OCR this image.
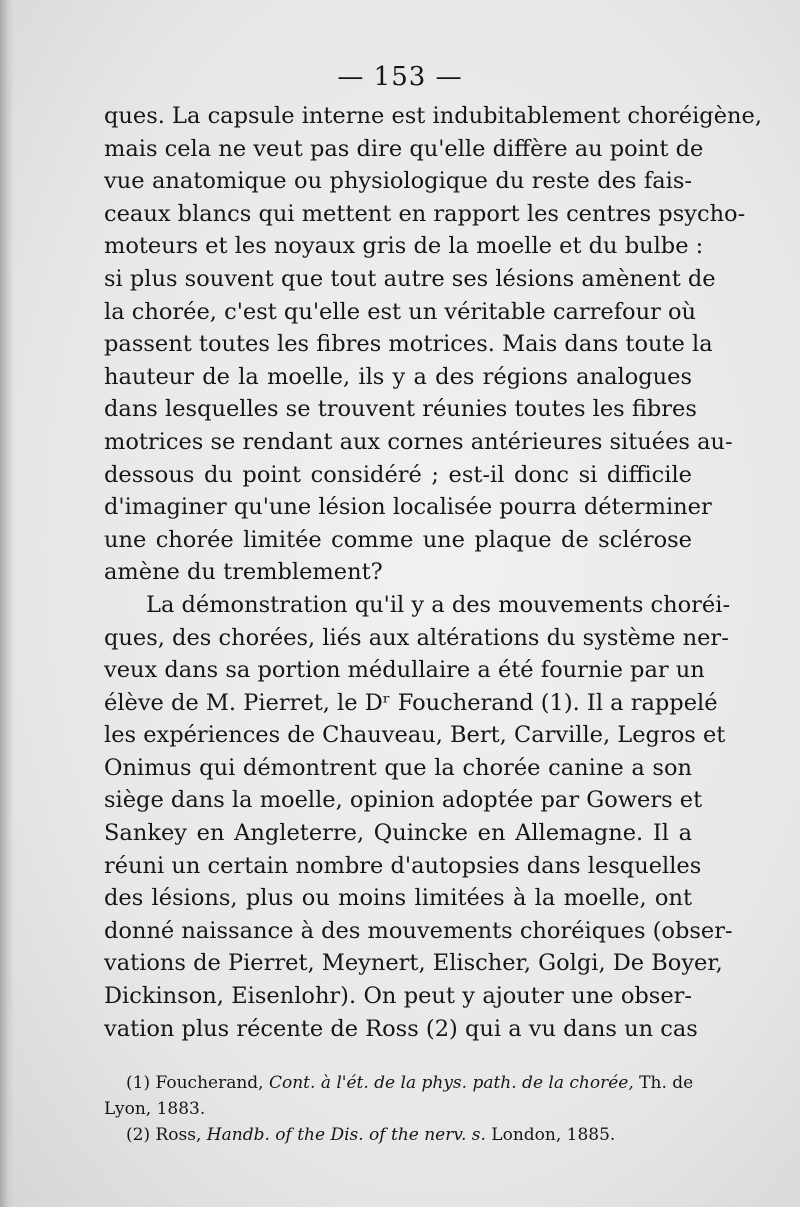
— 153 —
ques. La capsule interne est indubitablement choréigène,
mais cela ne veut pas dire qu'elle diffère au point de
vue anatomique ou physiologique du reste des fais-
ceaux blancs qui mettent en rapport les centres psycho-
moteurs et les noyaux gris de la moelle et du bulbe :
si plus souvent que tout autre ses lésions amènent de
la chorée, c'est qu'elle est un véritable carrefour où
passent toutes les fibres motrices. Mais dans toute la
hauteur de la moelle, ils y a des régions analogues
dans lesquelles se trouvent réunies toutes les fibres
motrices se rendant aux cornes antérieures situées au-
dessous du point considéré ; est-il donc si difficile
d'imaginer qu'une lésion localisée pourra déterminer
une chorée limitée comme une plaque de sclérose
amène du tremblement?
La démonstration qu'il y a des mouvements choréi-
ques, des chorées, liés aux altérations du système ner-
veux dans sa portion médullaire a été fournie par un
élève de M. Pierret, le Dʳ Foucherand (1). Il a rappelé
les expériences de Chauveau, Bert, Carville, Legros et
Onimus qui démontrent que la chorée canine a son
siège dans la moelle, opinion adoptée par Gowers et
Sankey en Angleterre, Quincke en Allemagne. Il a
réuni un certain nombre d'autopsies dans lesquelles
des lésions, plus ou moins limitées à la moelle, ont
donné naissance à des mouvements choréiques (obser-
vations de Pierret, Meynert, Elischer, Golgi, De Boyer,
Dickinson, Eisenlohr). On peut y ajouter une obser-
vation plus récente de Ross (2) qui a vu dans un cas
(1) Foucherand, Cont. à l'ét. de la phys. path. de la chorée, Th. de
Lyon, 1883.
(2) Ross, Handb. of the Dis. of the nerv. s. London, 1885.
